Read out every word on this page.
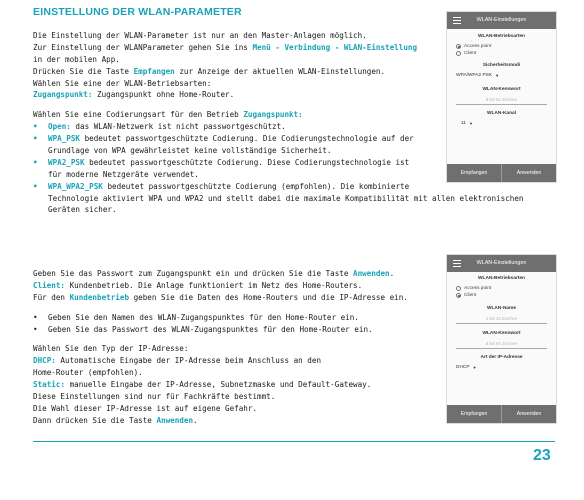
EINSTELLUNG DER WLAN-PARAMETER
Die Einstellung der WLAN-Parameter ist nur an den Master-Anlagen möglich.
Zur Einstellung der WLANParameter gehen Sie ins Menü - Verbindung - WLAN-Einstellung
in der mobilen App.
Drücken Sie die Taste Empfangen zur Anzeige der aktuellen WLAN-Einstellungen.
Wählen Sie eine der WLAN-Betriebsarten:
Zugangspunkt: Zugangspunkt ohne Home-Router.
Wählen Sie eine Codierungsart für den Betrieb Zugangspunkt:
• Open: das WLAN-Netzwerk ist nicht passwortgeschützt.
• WPA_PSK bedeutet passwortgeschützte Codierung. Die Codierungstechnologie auf der
Grundlage von WPA gewährleistet keine vollständige Sicherheit.
• WPA2_PSK bedeutet passwortgeschützte Codierung. Diese Codierungstechnologie ist
für moderne Netzgeräte verwendet.
• WPA_WPA2_PSK bedeutet passwortgeschützte Codierung (empfohlen). Die kombinierte
Technologie aktiviert WPA und WPA2 und stellt dabei die maximale Kompatibilität mit allen elektronischen
Geräten sicher.
Geben Sie das Passwort zum Zugangspunkt ein und drücken Sie die Taste Anwenden.
Client: Kundenbetrieb. Die Anlage funktioniert im Netz des Home-Routers.
Für den Kundenbetrieb geben Sie die Daten des Home-Routers und die IP-Adresse ein.
• Geben Sie den Namen des WLAN-Zugangspunktes für den Home-Router ein.
• Geben Sie das Passwort des WLAN-Zugangspunktes für den Home-Router ein.
Wählen Sie den Typ der IP-Adresse:
DHCP: Automatische Eingabe der IP-Adresse beim Anschluss an den
Home-Router (empfohlen).
Static: manuelle Eingabe der IP-Adresse, Subnetzmaske und Default-Gateway.
Diese Einstellungen sind nur für Fachkräfte bestimmt.
Die Wahl dieser IP-Adresse ist auf eigene Gefahr.
Dann drücken Sie die Taste Anwenden.
WLAN-Einstellungen
WLAN-Betriebsarten
Access point
Client
Sicherheitsmodi
WPA/WPA2 PSK ▼
WLAN-Kennwort
8 bis 64 Zeichen
WLAN-Kanal
11 ▼
Empfangen	Anwenden
WLAN-Einstellungen
WLAN-Betriebsarten
Access point
Client
WLAN-Name
1 bis 32 Zeichen
WLAN-Kennwort
8 bis 64 Zeichen
Art der IP-Adresse
DHCP ▼
Empfangen	Anwenden
23
